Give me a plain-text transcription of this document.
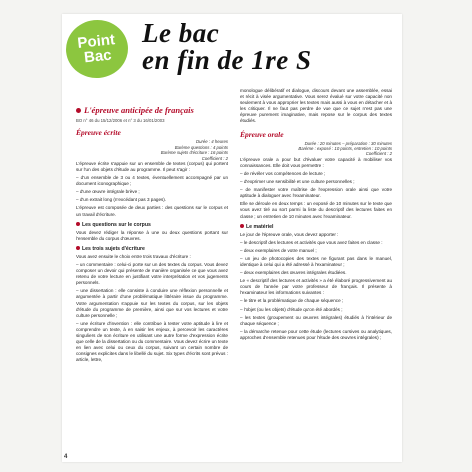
Point
Bac
Le bac
en fin de 1re S
L'épreuve anticipée de français
BO n° 46 du 15/12/2006 et n° 3 du 16/01/2003
Épreuve écrite
Durée : 4 heures
Barème questions : 4 points
Barème sujets d'écriture : 16 points
Coefficient : 2

L'épreuve écrite s'appuie sur un ensemble de textes (corpus) qui portent sur l'un des objets d'étude au programme. Il peut s'agir :

– d'un ensemble de 3 ou 4 textes, éventuellement accompagné par un document iconographique ;

– d'une œuvre intégrale brève ;

– d'un extrait long (n'excédant pas 3 pages).

L'épreuve est composée de deux parties : des questions sur le corpus et un travail d'écriture.

Les questions sur le corpus

Vous devez rédiger la réponse à une ou deux questions portant sur l'ensemble du corpus d'œuvres.

Les trois sujets d'écriture

Vous avez ensuite le choix entre trois travaux d'écriture :

– un commentaire : celui-ci porte sur un des textes du corpus. Vous devez composer un devoir qui présente de manière organisée ce que vous avez retenu de votre lecture en justifiant votre interprétation et vos jugements personnels.

– une dissertation : elle consiste à conduire une réflexion personnelle et argumentée à partir d'une problématique littéraire issue du programme. Votre argumentation s'appuie sur les textes du corpus, sur les objets d'étude du programme de première, ainsi que sur vos lectures et votre culture personnelle ;

– une écriture d'invention : elle contribue à tester votre aptitude à lire et comprendre un texte, à en saisir les enjeux, à percevoir les caractères singuliers de son écriture en utilisant une autre forme d'expression écrite que celle de la dissertation ou du commentaire. Vous devez écrire un texte en lien avec celui ou ceux du corpus, suivant un certain nombre de consignes explicites dans le libellé du sujet. Six types d'écrits sont prévus : article, lettre,

monologue délibératif et dialogue, discours devant une assemblée, essai et récit à visée argumentative. Vous serez évalué sur votre capacité non seulement à vous approprier les textes mais aussi à vous en détacher et à les critiquer. Il ne faut pas perdre de vue que ce sujet n'est pas une épreuve purement imaginative, mais repose sur le corpus des textes étudiés.

Épreuve orale
Durée : 20 minutes – préparation : 30 minutes
Barème : exposé : 10 points, entretien : 10 points
Coefficient : 2

L'épreuve orale a pour but d'évaluer votre capacité à mobiliser vos connaissances. Elle doit vous permettre :

– de révéler vos compétences de lecture ;

– d'exprimer une sensibilité et une culture personnelles ;

– de manifester votre maîtrise de l'expression orale ainsi que votre aptitude à dialoguer avec l'examinateur.

Elle se déroule en deux temps : un exposé de 10 minutes sur le texte que vous avez tiré au sort parmi la liste du descriptif des lectures faites en classe ; un entretien de 10 minutes avec l'examinateur.

Le matériel

Le jour de l'épreuve orale, vous devez apporter :

– le descriptif des lectures et activités que vous avez faites en classe :

– deux exemplaires de votre manuel ;

– un jeu de photocopies des textes ne figurant pas dans le manuel, identique à celui qui a été adressé à l'examinateur ;

– deux exemplaires des œuvres intégrales étudiées.

Le « descriptif des lectures et activités » a été élaboré progressivement au cours de l'année par votre professeur de français. Il présente à l'examinateur les informations suivantes :

– le titre et la problématique de chaque séquence ;

– l'objet (ou les objets) d'étude qu'on été abordés ;

– les textes (groupement ou œuvres intégrales) étudiés à l'intérieur de chaque séquence ;

– la démarche retenue pour cette étude (lectures cursives ou analytiques, approches d'ensemble retenues pour l'étude des œuvres intégrales) ;

4
